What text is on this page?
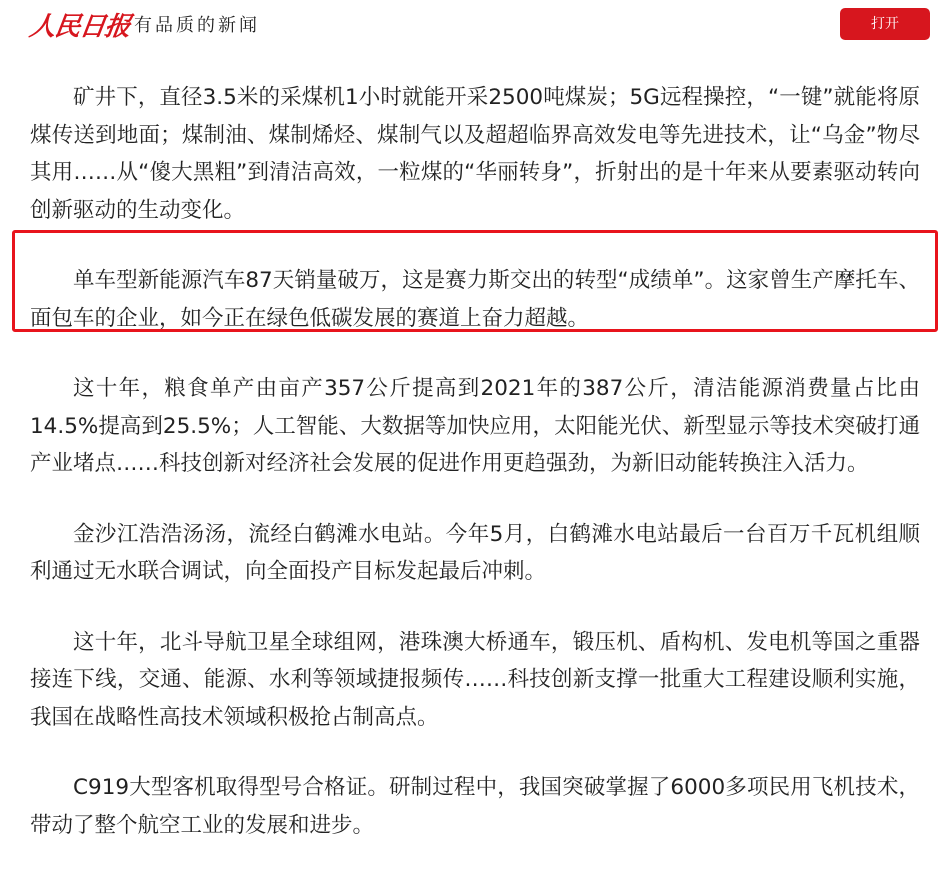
人民日报 有品质的新闻	打开

矿井下，直径3.5米的采煤机1小时就能开采2500吨煤炭；5G远程操控，“一键”就能将原煤传送到地面；煤制油、煤制烯烃、煤制气以及超超临界高效发电等先进技术，让“乌金”物尽其用……从“傻大黑粗”到清洁高效，一粒煤的“华丽转身”，折射出的是十年来从要素驱动转向创新驱动的生动变化。

单车型新能源汽车87天销量破万，这是赛力斯交出的转型“成绩单”。这家曾生产摩托车、面包车的企业，如今正在绿色低碳发展的赛道上奋力超越。

这十年，粮食单产由亩产357公斤提高到2021年的387公斤，清洁能源消费量占比由14.5%提高到25.5%；人工智能、大数据等加快应用，太阳能光伏、新型显示等技术突破打通产业堵点……科技创新对经济社会发展的促进作用更趋强劲，为新旧动能转换注入活力。

金沙江浩浩汤汤，流经白鹤滩水电站。今年5月，白鹤滩水电站最后一台百万千瓦机组顺利通过无水联合调试，向全面投产目标发起最后冲刺。

这十年，北斗导航卫星全球组网，港珠澳大桥通车，锻压机、盾构机、发电机等国之重器接连下线，交通、能源、水利等领域捷报频传……科技创新支撑一批重大工程建设顺利实施，我国在战略性高技术领域积极抢占制高点。

C919大型客机取得型号合格证。研制过程中，我国突破掌握了6000多项民用飞机技术，带动了整个航空工业的发展和进步。
